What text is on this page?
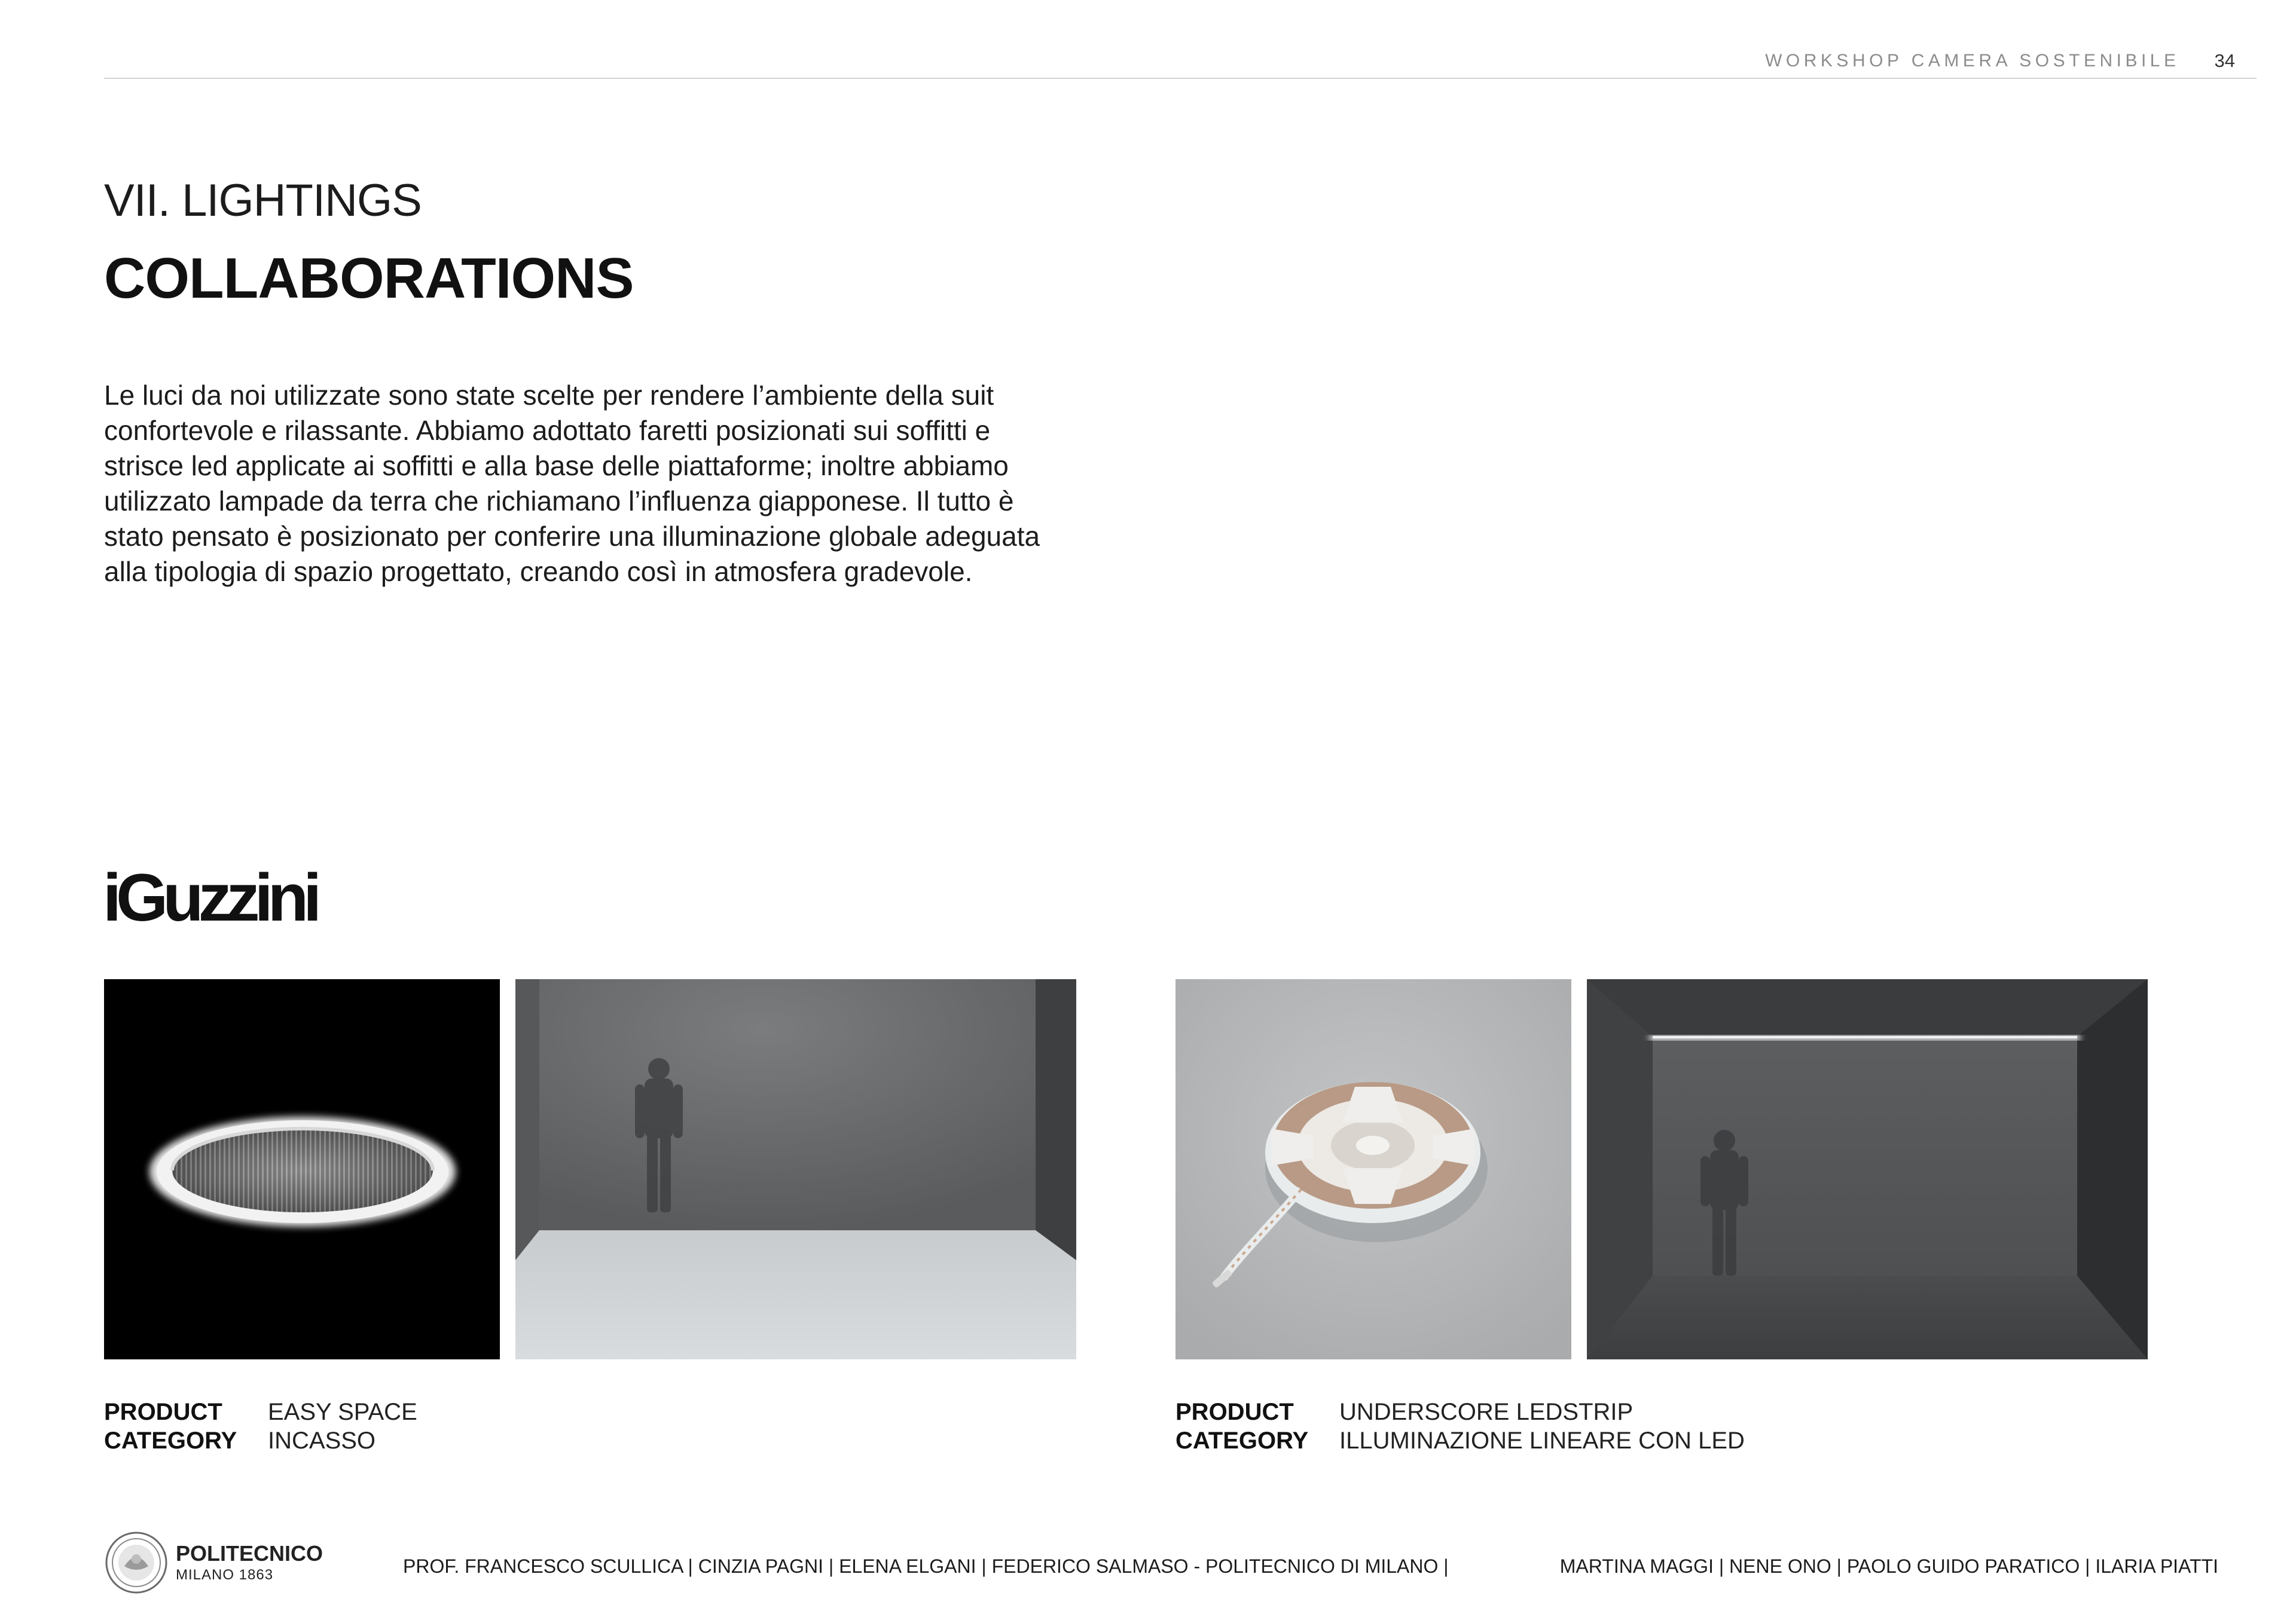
WORKSHOP CAMERA SOSTENIBILE 34
VII. LIGHTINGS
COLLABORATIONS

Le luci da noi utilizzate sono state scelte per rendere l’ambiente della suit
confortevole e rilassante. Abbiamo adottato faretti posizionati sui soffitti e
strisce led applicate ai soffitti e alla base delle piattaforme; inoltre abbiamo
utilizzato lampade da terra che richiamano l’influenza giapponese. Il tutto è
stato pensato è posizionato per conferire una illuminazione globale adeguata
alla tipologia di spazio progettato, creando così in atmosfera gradevole.

iGuzzini
PRODUCT	EASY SPACE
CATEGORY	INCASSO
PRODUCT	UNDERSCORE LEDSTRIP
CATEGORY	ILLUMINAZIONE LINEARE CON LED
POLITECNICO
MILANO 1863	PROF. FRANCESCO SCULLICA | CINZIA PAGNI | ELENA ELGANI | FEDERICO SALMASO - POLITECNICO DI MILANO |	MARTINA MAGGI | NENE ONO | PAOLO GUIDO PARATICO | ILARIA PIATTI
